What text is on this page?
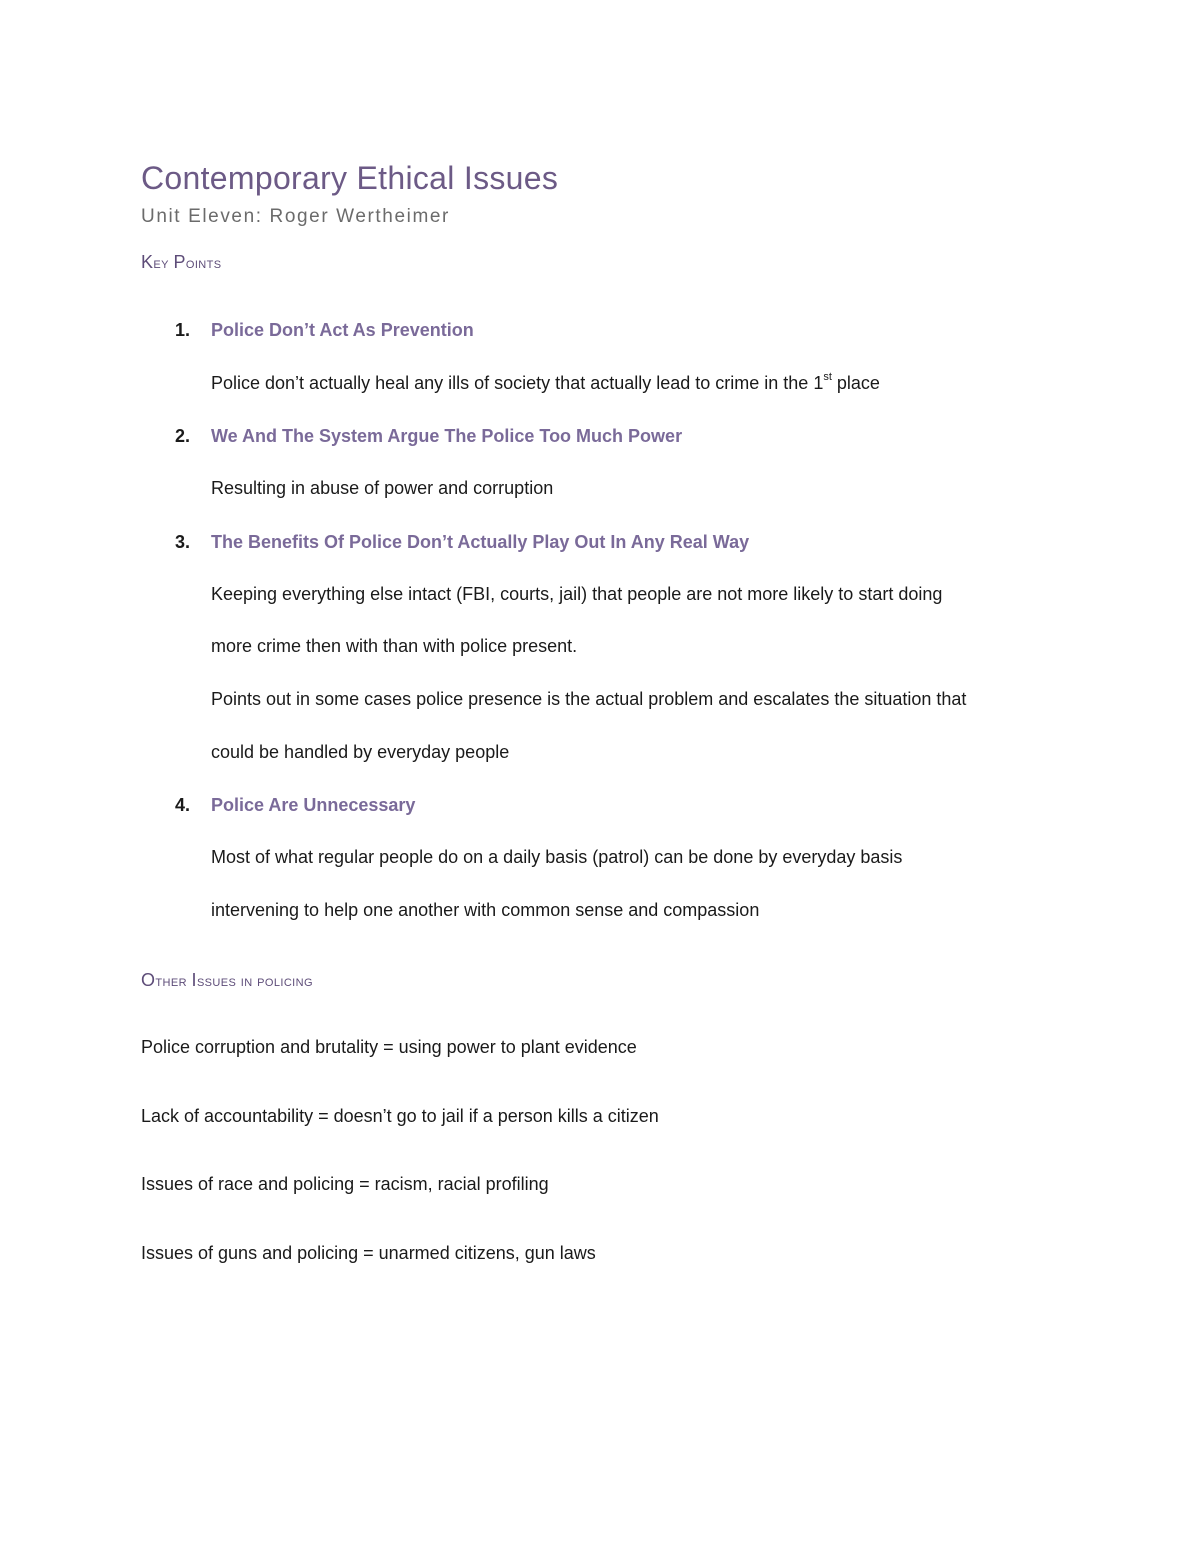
Contemporary Ethical Issues
Unit Eleven: Roger Wertheimer
Key Points
1. Police Don’t Act As Prevention
Police don’t actually heal any ills of society that actually lead to crime in the 1st place
2. We And The System Argue The Police Too Much Power
Resulting in abuse of power and corruption
3. The Benefits Of Police Don’t Actually Play Out In Any Real Way
Keeping everything else intact (FBI, courts, jail) that people are not more likely to start doing
more crime then with than with police present.
Points out in some cases police presence is the actual problem and escalates the situation that
could be handled by everyday people
4. Police Are Unnecessary
Most of what regular people do on a daily basis (patrol) can be done by everyday basis
intervening to help one another with common sense and compassion
Other Issues in policing
Police corruption and brutality = using power to plant evidence
Lack of accountability = doesn’t go to jail if a person kills a citizen
Issues of race and policing = racism, racial profiling
Issues of guns and policing = unarmed citizens, gun laws
